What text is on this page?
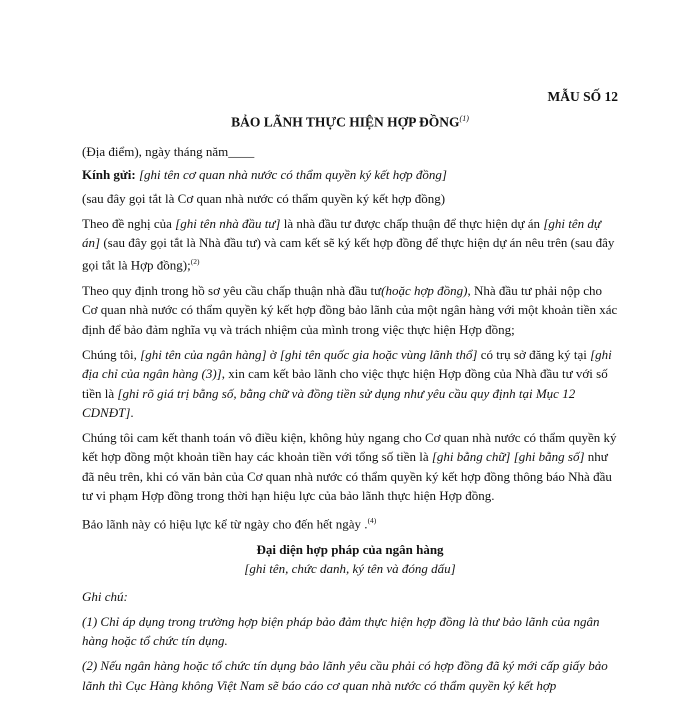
MẪU SỐ 12
BẢO LÃNH THỰC HIỆN HỢP ĐỒNG$^{(1)}$

(Địa điểm), ngày tháng năm____

Kính gửi: [ghi tên cơ quan nhà nước có thẩm quyền ký kết hợp đồng]

(sau đây gọi tắt là Cơ quan nhà nước có thẩm quyền ký kết hợp đồng)

Theo đề nghị của [ghi tên nhà đầu tư] là nhà đầu tư được chấp thuận để thực hiện dự án [ghi tên dự án] (sau đây gọi tắt là Nhà đầu tư) và cam kết sẽ ký kết hợp đồng để thực hiện dự án nêu trên (sau đây gọi tắt là Hợp đồng);$^{(2)}$

Theo quy định trong hồ sơ yêu cầu chấp thuận nhà đầu tư(hoặc hợp đồng), Nhà đầu tư phải nộp cho Cơ quan nhà nước có thẩm quyền ký kết hợp đồng bảo lãnh của một ngân hàng với một khoản tiền xác định để bảo đảm nghĩa vụ và trách nhiệm của mình trong việc thực hiện Hợp đồng;

Chúng tôi, [ghi tên của ngân hàng] ở [ghi tên quốc gia hoặc vùng lãnh thổ] có trụ sở đăng ký tại [ghi địa chỉ của ngân hàng (3)], xin cam kết bảo lãnh cho việc thực hiện Hợp đồng của Nhà đầu tư với số tiền là [ghi rõ giá trị bằng số, bằng chữ và đồng tiền sử dụng như yêu cầu quy định tại Mục 12 CDNĐT].

Chúng tôi cam kết thanh toán vô điều kiện, không hủy ngang cho Cơ quan nhà nước có thẩm quyền ký kết hợp đồng một khoản tiền hay các khoản tiền với tổng số tiền là [ghi bằng chữ] [ghi bằng số] như đã nêu trên, khi có văn bản của Cơ quan nhà nước có thẩm quyền ký kết hợp đồng thông báo Nhà đầu tư vi phạm Hợp đồng trong thời hạn hiệu lực của bảo lãnh thực hiện Hợp đồng.

Bảo lãnh này có hiệu lực kể từ ngày cho đến hết ngày .$^{(4)}$

Đại diện hợp pháp của ngân hàng
[ghi tên, chức danh, ký tên và đóng dấu]

Ghi chú:

(1) Chỉ áp dụng trong trường hợp biện pháp bảo đảm thực hiện hợp đồng là thư bảo lãnh của ngân hàng hoặc tổ chức tín dụng.

(2) Nếu ngân hàng hoặc tổ chức tín dụng bảo lãnh yêu cầu phải có hợp đồng đã ký mới cấp giấy bảo lãnh thì Cục Hàng không Việt Nam sẽ báo cáo cơ quan nhà nước có thẩm quyền ký kết hợp
